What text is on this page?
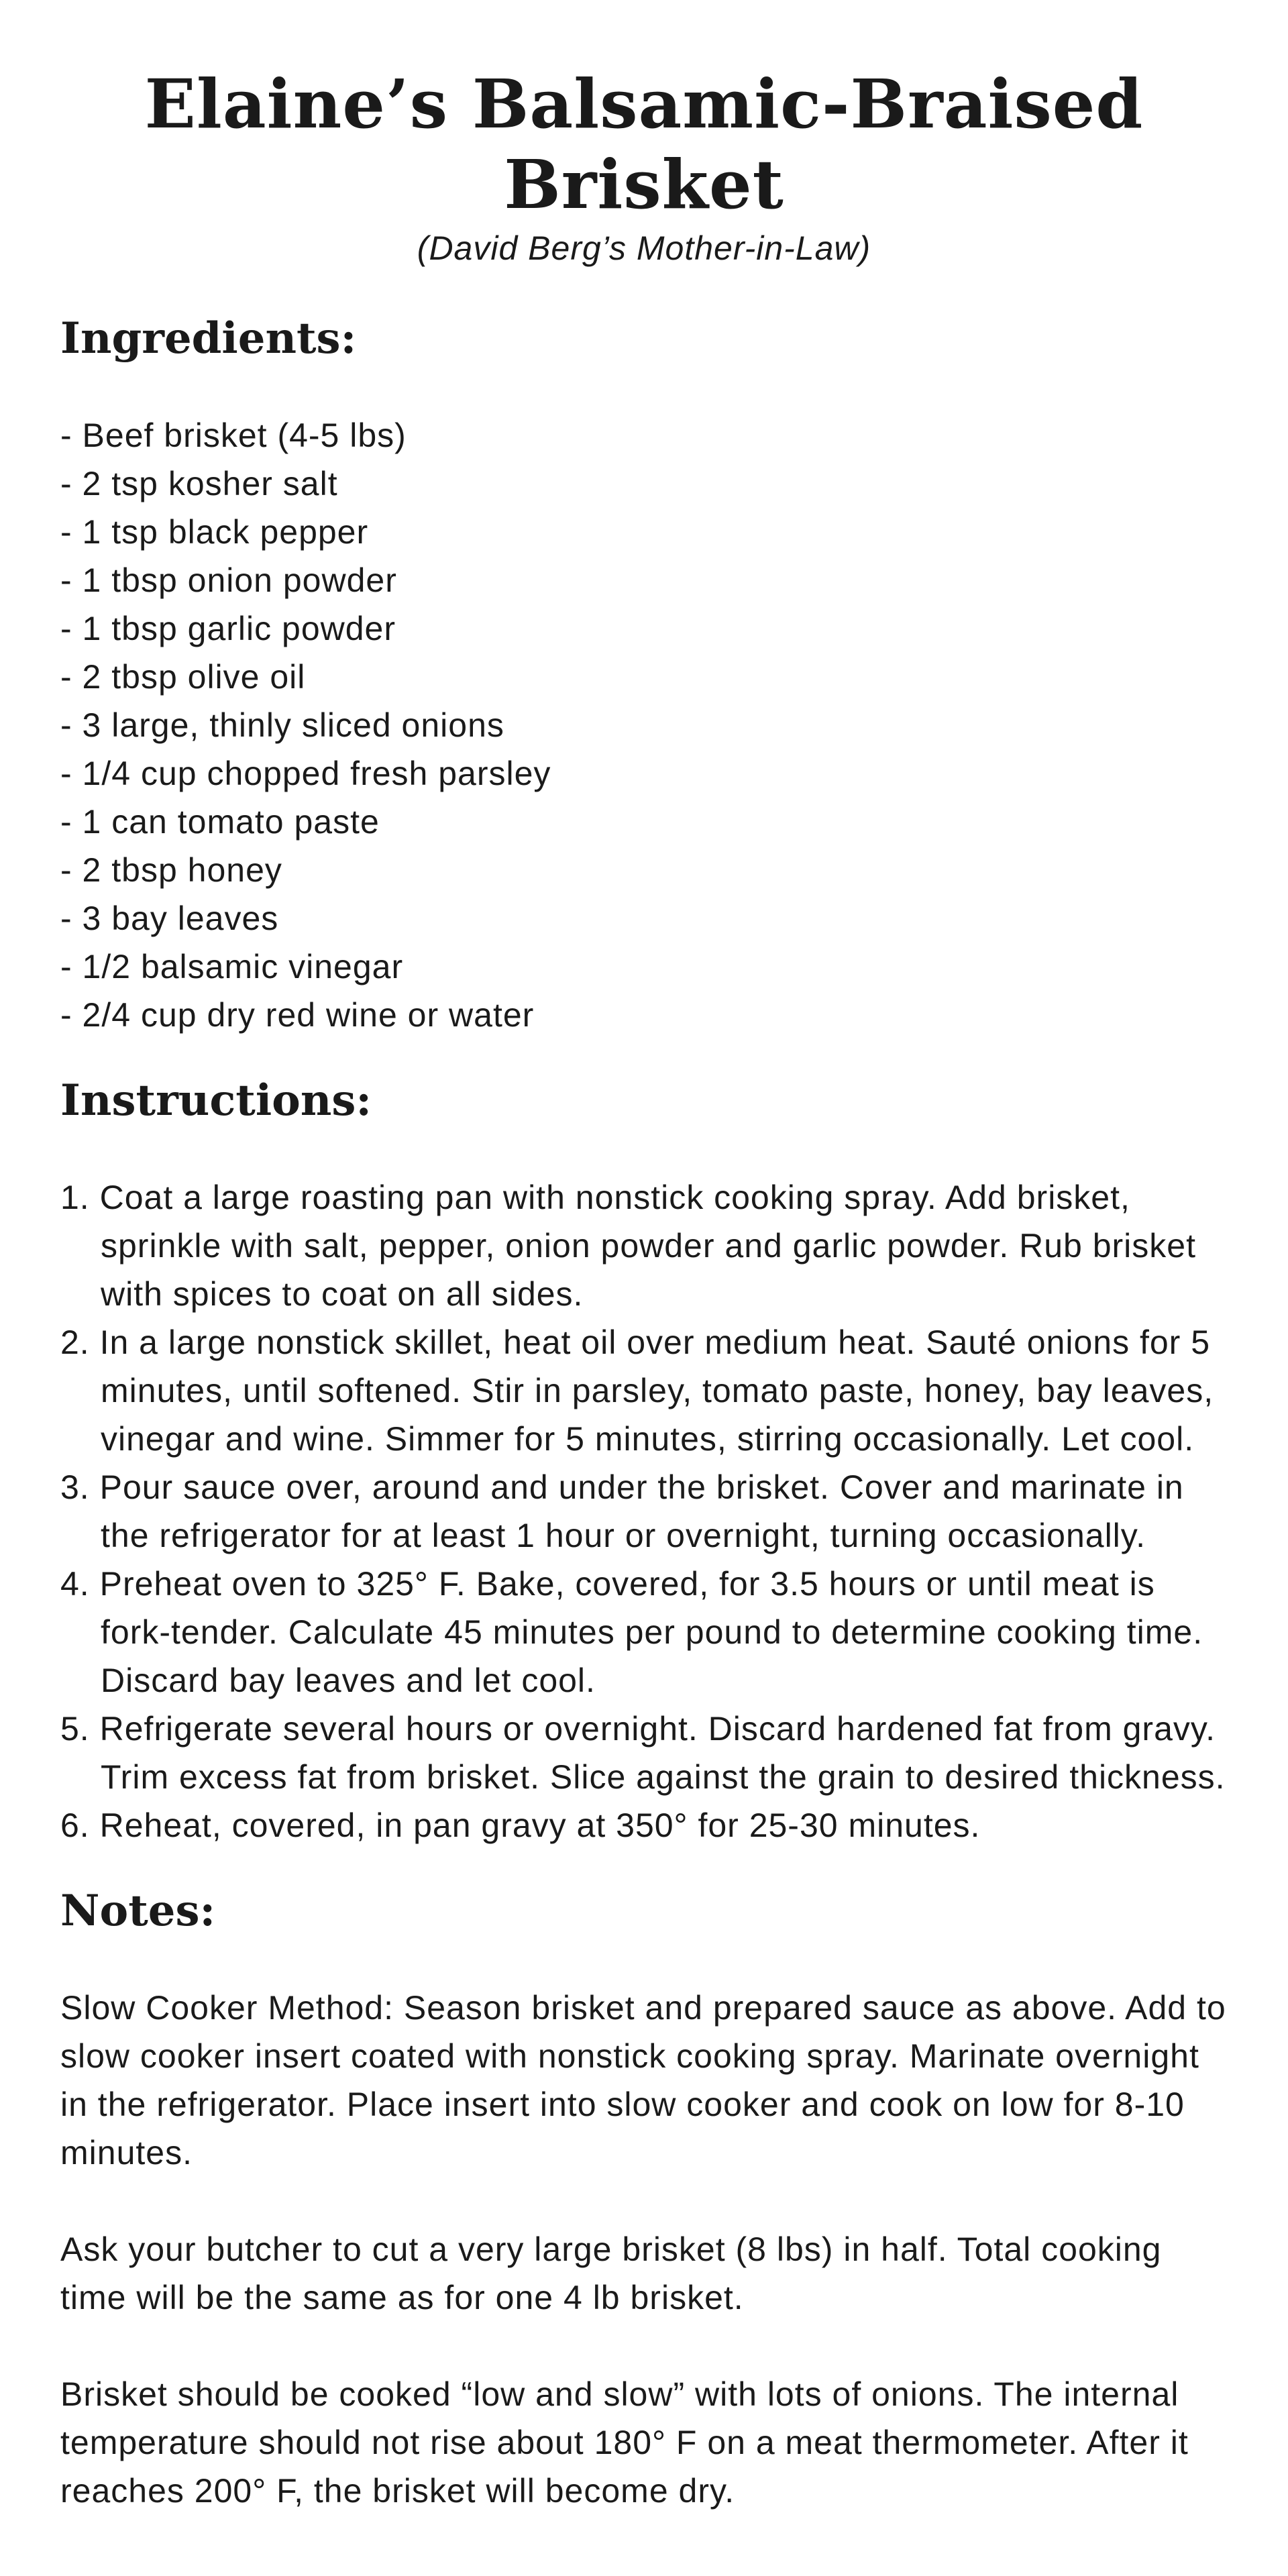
Elaine’s Balsamic-Braised Brisket

(David Berg’s Mother-in-Law)

Ingredients:
- Beef brisket (4-5 lbs)
- 2 tsp kosher salt
- 1 tsp black pepper
- 1 tbsp onion powder
- 1 tbsp garlic powder
- 2 tbsp olive oil
- 3 large, thinly sliced onions
- 1/4 cup chopped fresh parsley
- 1 can tomato paste
- 2 tbsp honey
- 3 bay leaves
- 1/2 balsamic vinegar
- 2/4 cup dry red wine or water
Instructions:
1. Coat a large roasting pan with nonstick cooking spray. Add brisket, sprinkle with salt, pepper, onion powder and garlic powder. Rub brisket with spices to coat on all sides.
2. In a large nonstick skillet, heat oil over medium heat. Sauté onions for 5 minutes, until softened. Stir in parsley, tomato paste, honey, bay leaves, vinegar and wine. Simmer for 5 minutes, stirring occasionally. Let cool.
3. Pour sauce over, around and under the brisket. Cover and marinate in the refrigerator for at least 1 hour or overnight, turning occasionally.
4. Preheat oven to 325° F. Bake, covered, for 3.5 hours or until meat is fork-tender. Calculate 45 minutes per pound to determine cooking time. Discard bay leaves and let cool.
5. Refrigerate several hours or overnight. Discard hardened fat from gravy. Trim excess fat from brisket. Slice against the grain to desired thickness.
6. Reheat, covered, in pan gravy at 350° for 25-30 minutes.
Notes:

Slow Cooker Method: Season brisket and prepared sauce as above. Add to slow cooker insert coated with nonstick cooking spray. Marinate overnight in the refrigerator. Place insert into slow cooker and cook on low for 8-10 minutes.

Ask your butcher to cut a very large brisket (8 lbs) in half. Total cooking time will be the same as for one 4 lb brisket.

Brisket should be cooked “low and slow” with lots of onions. The internal temperature should not rise about 180° F on a meat thermometer. After it reaches 200° F, the brisket will become dry.
